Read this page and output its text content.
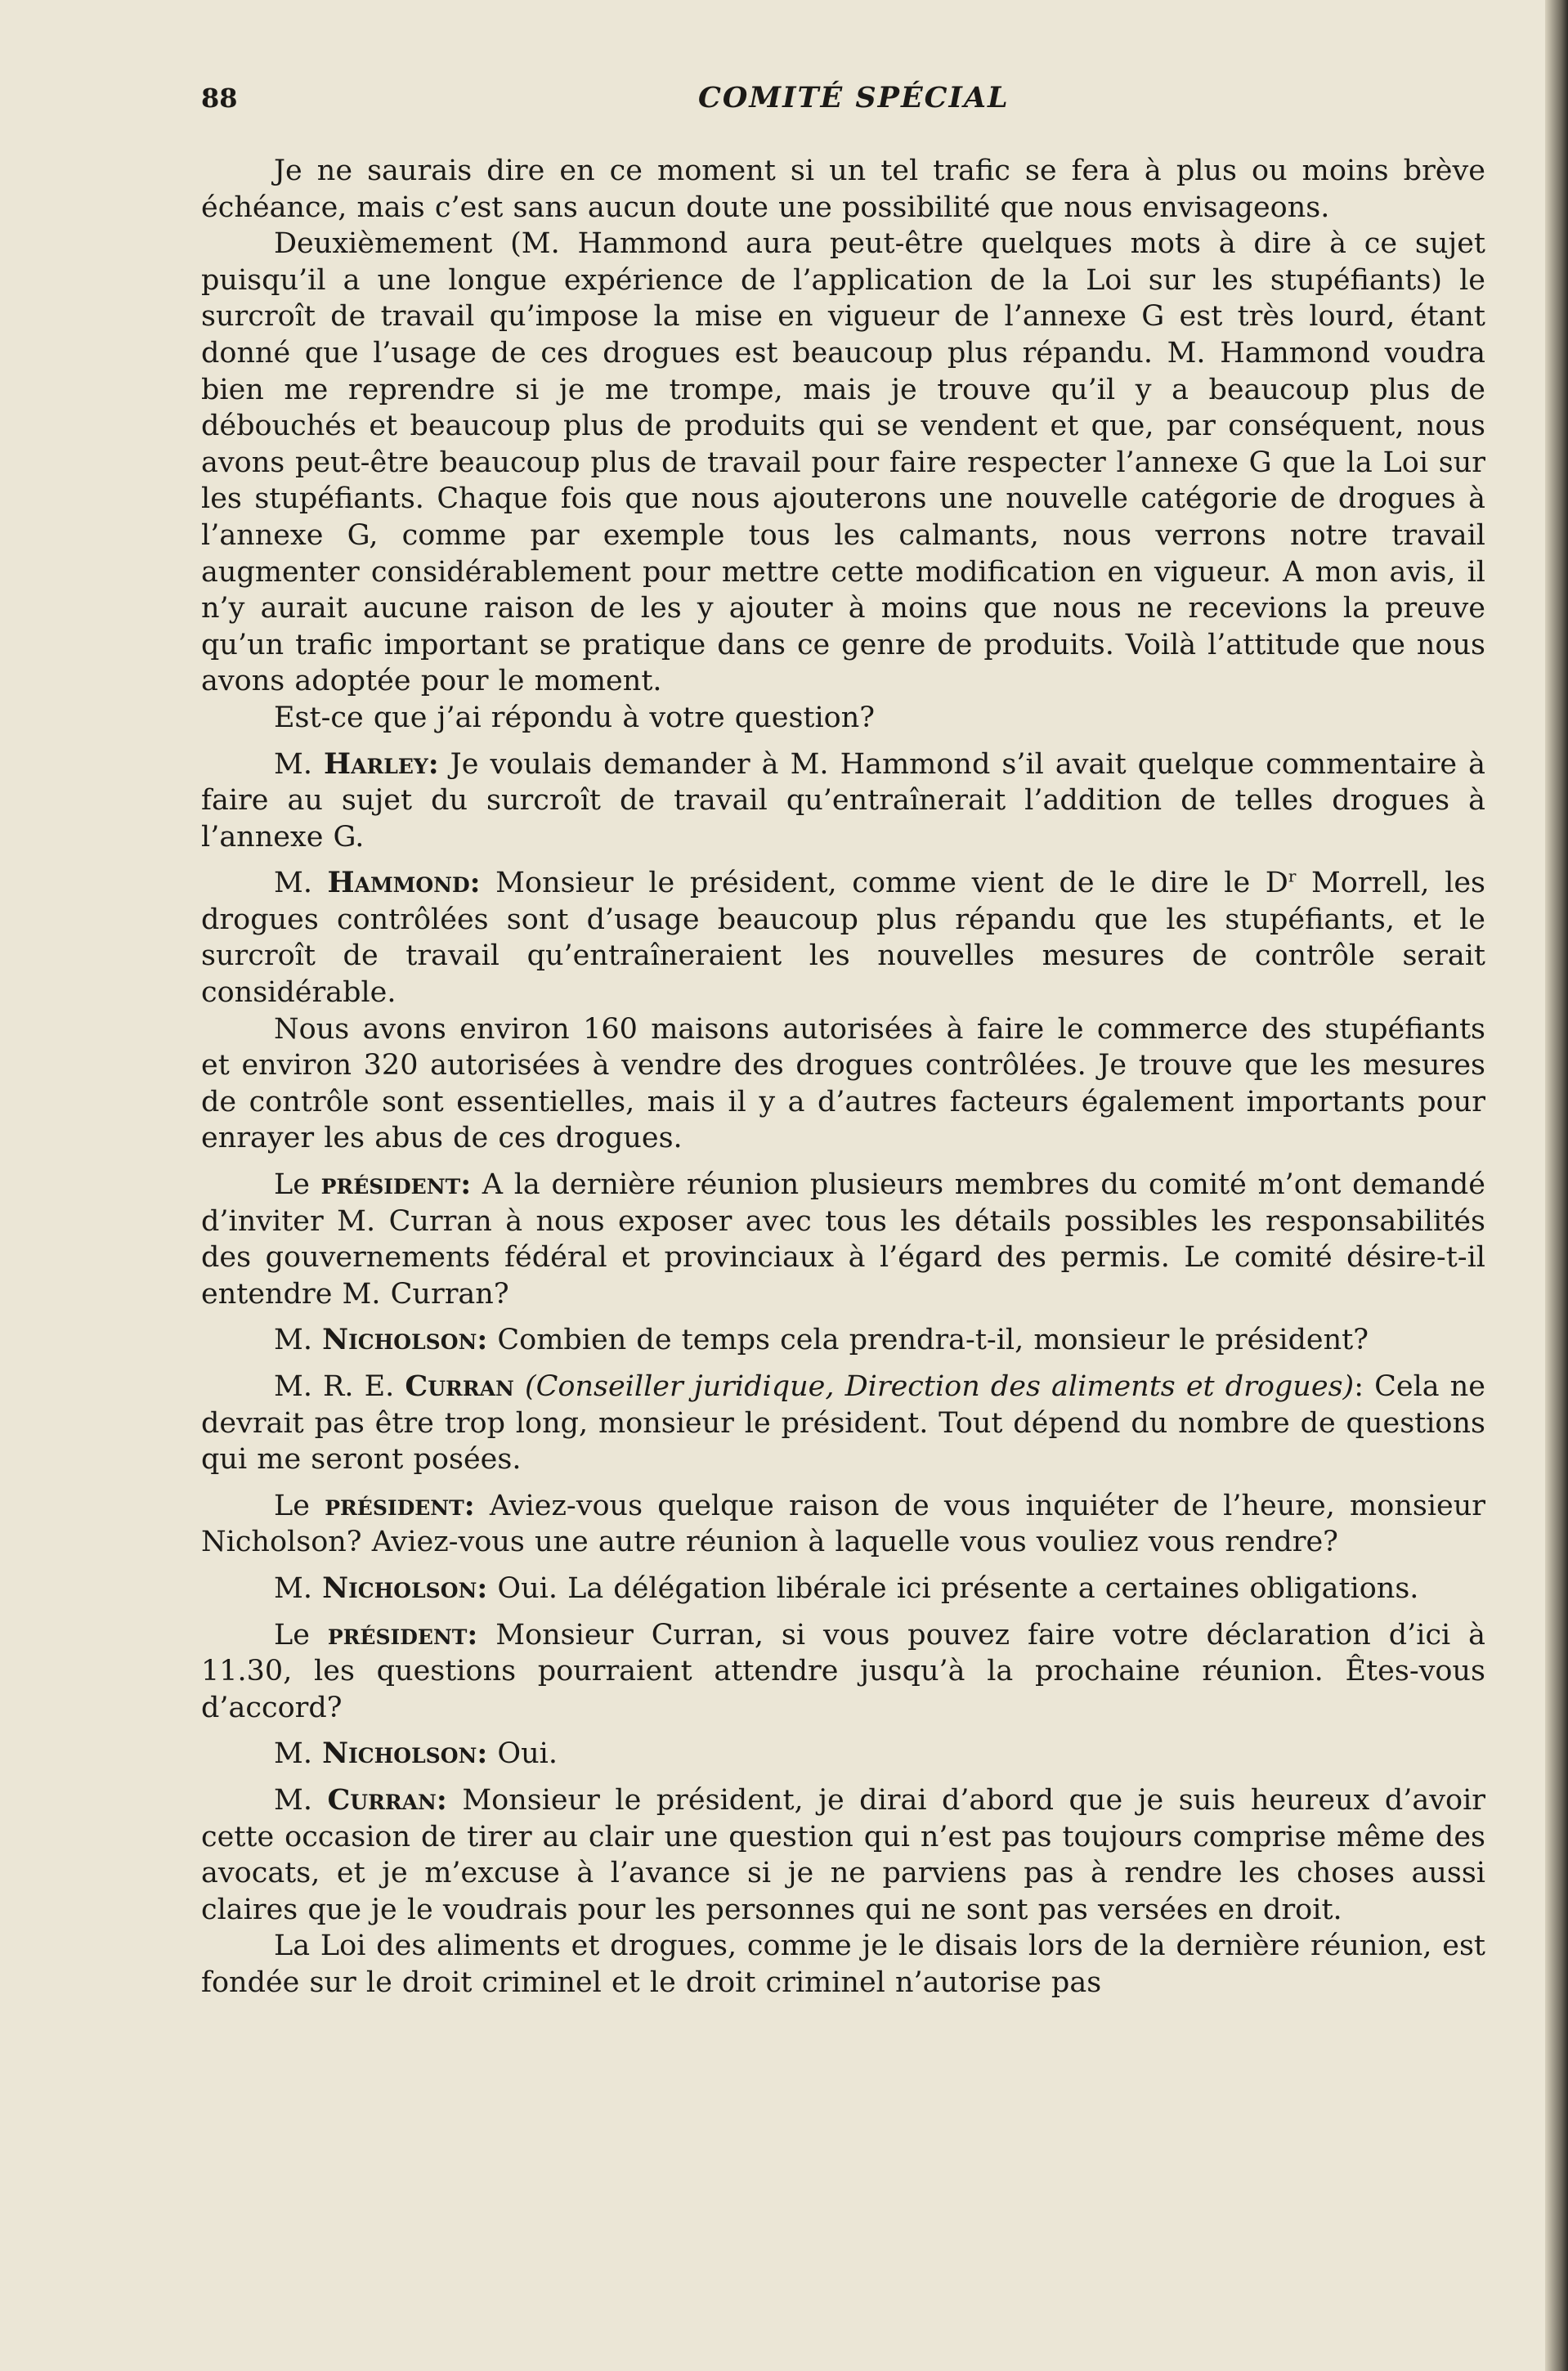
88	COMITÉ SPÉCIAL

Je ne saurais dire en ce moment si un tel trafic se fera à plus ou moins brève échéance, mais c’est sans aucun doute une possibilité que nous envisageons.

Deuxièmement (M. Hammond aura peut-être quelques mots à dire à ce sujet puisqu’il a une longue expérience de l’application de la Loi sur les stupéfiants) le surcroît de travail qu’impose la mise en vigueur de l’annexe G est très lourd, étant donné que l’usage de ces drogues est beaucoup plus répandu. M. Hammond voudra bien me reprendre si je me trompe, mais je trouve qu’il y a beaucoup plus de débouchés et beaucoup plus de produits qui se vendent et que, par conséquent, nous avons peut-être beaucoup plus de travail pour faire respecter l’annexe G que la Loi sur les stupéfiants. Chaque fois que nous ajouterons une nouvelle catégorie de drogues à l’annexe G, comme par exemple tous les calmants, nous verrons notre travail augmenter considérablement pour mettre cette modification en vigueur. A mon avis, il n’y aurait aucune raison de les y ajouter à moins que nous ne recevions la preuve qu’un trafic important se pratique dans ce genre de produits. Voilà l’attitude que nous avons adoptée pour le moment.

Est-ce que j’ai répondu à votre question?

M. Harley: Je voulais demander à M. Hammond s’il avait quelque commentaire à faire au sujet du surcroît de travail qu’entraînerait l’addition de telles drogues à l’annexe G.

M. Hammond: Monsieur le président, comme vient de le dire le $D^r$ Morrell, les drogues contrôlées sont d’usage beaucoup plus répandu que les stupéfiants, et le surcroît de travail qu’entraîneraient les nouvelles mesures de contrôle serait considérable.

Nous avons environ 160 maisons autorisées à faire le commerce des stupéfiants et environ 320 autorisées à vendre des drogues contrôlées. Je trouve que les mesures de contrôle sont essentielles, mais il y a d’autres facteurs également importants pour enrayer les abus de ces drogues.

Le président: A la dernière réunion plusieurs membres du comité m’ont demandé d’inviter M. Curran à nous exposer avec tous les détails possibles les responsabilités des gouvernements fédéral et provinciaux à l’égard des permis. Le comité désire-t-il entendre M. Curran?

M. Nicholson: Combien de temps cela prendra-t-il, monsieur le président?

M. R. E. Curran (Conseiller juridique, Direction des aliments et drogues): Cela ne devrait pas être trop long, monsieur le président. Tout dépend du nombre de questions qui me seront posées.

Le président: Aviez-vous quelque raison de vous inquiéter de l’heure, monsieur Nicholson? Aviez-vous une autre réunion à laquelle vous vouliez vous rendre?

M. Nicholson: Oui. La délégation libérale ici présente a certaines obligations.

Le président: Monsieur Curran, si vous pouvez faire votre déclaration d’ici à 11.30, les questions pourraient attendre jusqu’à la prochaine réunion. Êtes-vous d’accord?

M. Nicholson: Oui.

M. Curran: Monsieur le président, je dirai d’abord que je suis heureux d’avoir cette occasion de tirer au clair une question qui n’est pas toujours comprise même des avocats, et je m’excuse à l’avance si je ne parviens pas à rendre les choses aussi claires que je le voudrais pour les personnes qui ne sont pas versées en droit.

La Loi des aliments et drogues, comme je le disais lors de la dernière réunion, est fondée sur le droit criminel et le droit criminel n’autorise pas
